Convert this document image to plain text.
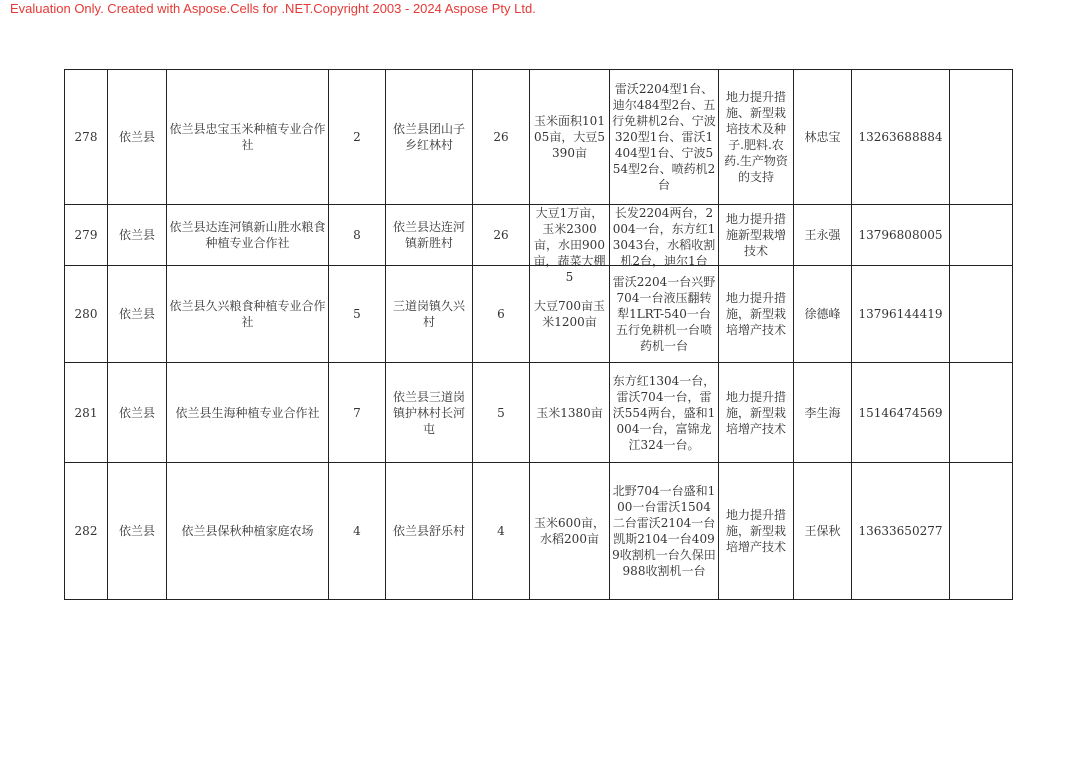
Evaluation Only. Created with Aspose.Cells for .NET.Copyright 2003 - 2024 Aspose Pty Ltd.
278	依兰县	依兰县忠宝玉米种植专业合作社	2	依兰县团山子乡红林村	26	玉米面积10105亩，大豆5390亩	雷沃2204型1台、迪尔484型2台、五行免耕机2台、宁波320型1台、雷沃1404型1台、宁波554型2台、喷药机2台	地力提升措施、新型栽培技术及种子.肥料.农药.生产物资的支持	林忠宝	13263688884	
279	依兰县	依兰县达连河镇新山胜水粮食种植专业合作社	8	依兰县达连河镇新胜村	26	大豆1万亩，玉米2300亩，水田900亩，蔬菜大棚5	长发2204两台，2004一台，东方红13043台，水稻收割机2台，迪尔1台	地力提升措施新型栽增技术	王永强	13796808005	
280	依兰县	依兰县久兴粮食种植专业合作社	5	三道岗镇久兴村	6	大豆700亩玉米1200亩	雷沃2204一台兴野704一台液压翻转犁1LRT-540一台五行免耕机一台喷药机一台	地力提升措施，新型栽培增产技术	徐德峰	13796144419	
281	依兰县	依兰县生海种植专业合作社	7	依兰县三道岗镇护林村长河屯	5	玉米1380亩	东方红1304一台，雷沃704一台，雷沃554两台，盛和1004一台，富锦龙江324一台。	地力提升措施，新型栽培增产技术	李生海	15146474569	
282	依兰县	依兰县保秋种植家庭农场	4	依兰县舒乐村	4	玉米600亩，水稻200亩	北野704一台盛和100一台雷沃1504二台雷沃2104一台凯斯2104一台4099收割机一台久保田988收割机一台	地力提升措施，新型栽培增产技术	王保秋	13633650277	
